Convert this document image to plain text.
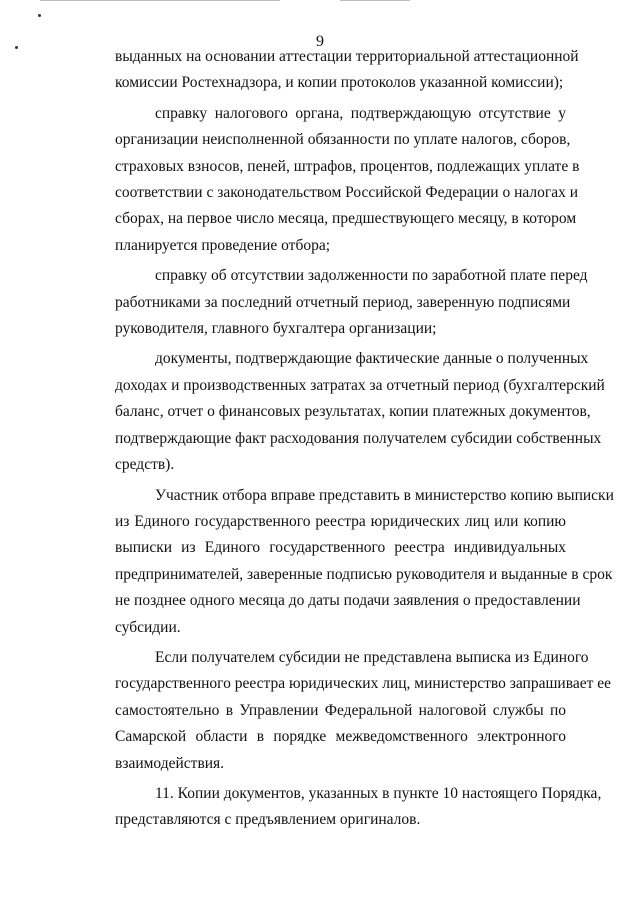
9
выданных на основании аттестации территориальной аттестационной
комиссии Ростехнадзора, и копии протоколов указанной комиссии);
справку налогового органа, подтверждающую отсутствие у
организации неисполненной обязанности по уплате налогов, сборов,
страховых взносов, пеней, штрафов, процентов, подлежащих уплате в
соответствии с законодательством Российской Федерации о налогах и
сборах, на первое число месяца, предшествующего месяцу, в котором
планируется проведение отбора;
справку об отсутствии задолженности по заработной плате перед
работниками за последний отчетный период, заверенную подписями
руководителя, главного бухгалтера организации;
документы, подтверждающие фактические данные о полученных
доходах и производственных затратах за отчетный период (бухгалтерский
баланс, отчет о финансовых результатах, копии платежных документов,
подтверждающие факт расходования получателем субсидии собственных
средств).
Участник отбора вправе представить в министерство копию выписки
из Единого государственного реестра юридических лиц или копию
выписки из Единого государственного реестра индивидуальных
предпринимателей, заверенные подписью руководителя и выданные в срок
не позднее одного месяца до даты подачи заявления о предоставлении
субсидии.
Если получателем субсидии не представлена выписка из Единого
государственного реестра юридических лиц, министерство запрашивает ее
самостоятельно в Управлении Федеральной налоговой службы по
Самарской области в порядке межведомственного электронного
взаимодействия.
11. Копии документов, указанных в пункте 10 настоящего Порядка,
представляются с предъявлением оригиналов.
